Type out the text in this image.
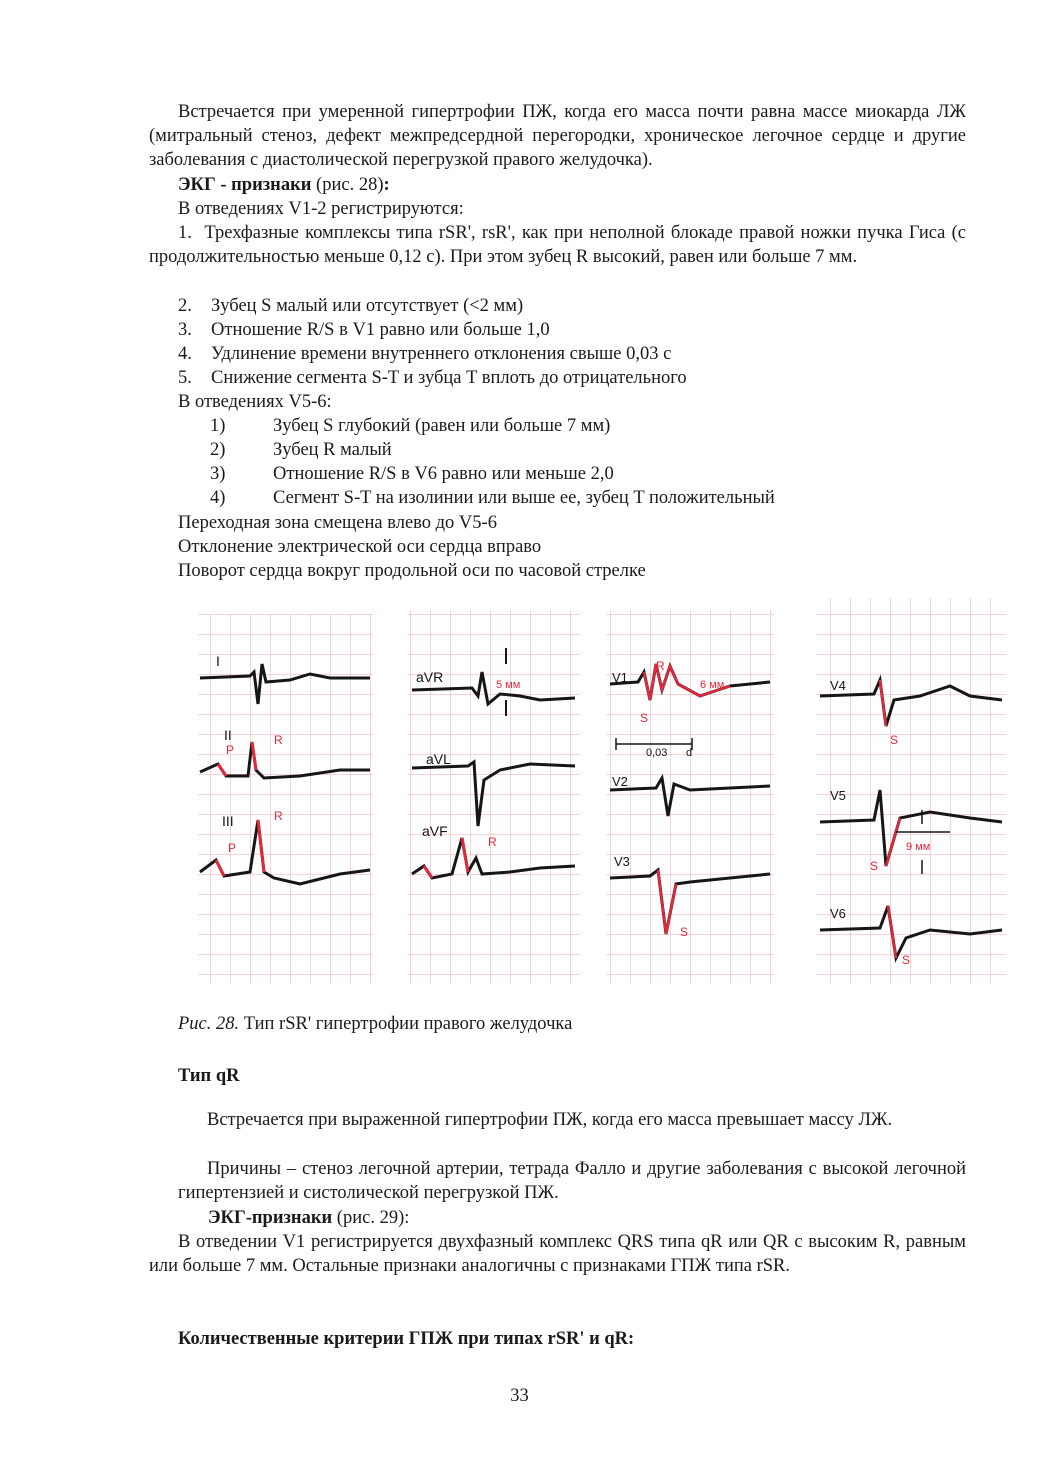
Встречается при умеренной гипертрофии ПЖ, когда его масса почти равна массе миокарда ЛЖ (митральный стеноз, дефект межпредсердной перегородки, хроническое легочное сердце и другие заболевания с диастолической перегрузкой правого желудочка).

ЭКГ - признаки (рис. 28):
В отведениях V1-2 регистрируются:
1. Трехфазные комплексы типа rSR', rsR', как при неполной блокаде правой ножки пучка Гиса (с продолжительностью меньше 0,12 с). При этом зубец R высокий, равен или больше 7 мм.
2. Зубец S малый или отсутствует (<2 мм)
3. Отношение R/S в V1 равно или больше 1,0
4. Удлинение времени внутреннего отклонения свыше 0,03 с
5. Снижение сегмента S-T и зубца T вплоть до отрицательного
В отведениях V5-6:
1)	Зубец S глубокий (равен или больше 7 мм)
2)	Зубец R малый
3)	Отношение R/S в V6 равно или меньше 2,0
4)	Сегмент S-T на изолинии или выше ее, зубец T положительный
Переходная зона смещена влево до V5-6
Отклонение электрической оси сердца вправо
Поворот сердца вокруг продольной оси по часовой стрелке
I
II
P
R
III
P
R
aVR	5 мм
aVL
aVF
R
V1
R
6 мм
S
0,03 d
V2
V3
S
V4
S
V5
9 мм
S
V6
S
Рис. 28. Тип rSR' гипертрофии правого желудочка
Тип qR

Встречается при выраженной гипертрофии ПЖ, когда его масса превышает массу ЛЖ.

Причины – стеноз легочной артерии, тетрада Фалло и другие заболевания с высокой легочной гипертензией и систолической перегрузкой ПЖ.

ЭКГ-признаки (рис. 29):

В отведении V1 регистрируется двухфазный комплекс QRS типа qR или QR с высоким R, равным или больше 7 мм. Остальные признаки аналогичны с признаками ГПЖ типа rSR.

Количественные критерии ГПЖ при типах rSR' и qR:
33
